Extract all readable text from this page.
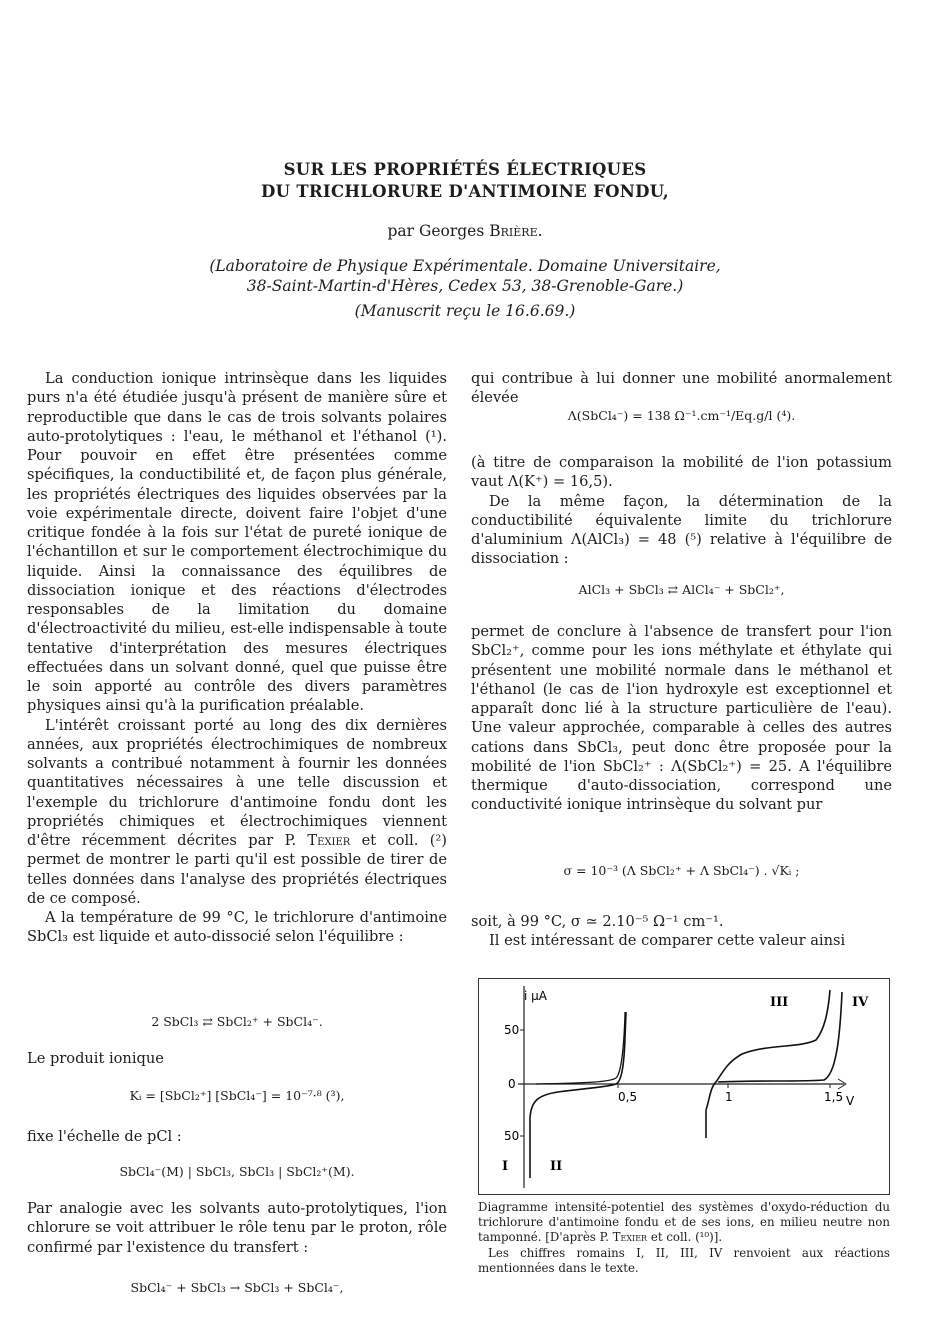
SUR LES PROPRIÉTÉS ÉLECTRIQUES
DU TRICHLORURE D'ANTIMOINE FONDU,
par Georges Brière.
(Laboratoire de Physique Expérimentale. Domaine Universitaire,
38-Saint-Martin-d'Hères, Cedex 53, 38-Grenoble-Gare.)
(Manuscrit reçu le 16.6.69.)

La conduction ionique intrinsèque dans les liquides purs n'a été étudiée jusqu'à présent de manière sûre et reproductible que dans le cas de trois solvants polaires auto-protolytiques : l'eau, le méthanol et l'éthanol (¹). Pour pouvoir en effet être présentées comme spécifiques, la conductibilité et, de façon plus générale, les propriétés électriques des liquides observées par la voie expérimentale directe, doivent faire l'objet d'une critique fondée à la fois sur l'état de pureté ionique de l'échantillon et sur le comportement électrochimique du liquide. Ainsi la connaissance des équilibres de dissociation ionique et des réactions d'électrodes responsables de la limitation du domaine d'électroactivité du milieu, est-elle indispensable à toute tentative d'interprétation des mesures électriques effectuées dans un solvant donné, quel que puisse être le soin apporté au contrôle des divers paramètres physiques ainsi qu'à la purification préalable.

L'intérêt croissant porté au long des dix dernières années, aux propriétés électrochimiques de nombreux solvants a contribué notamment à fournir les données quantitatives nécessaires à une telle discussion et l'exemple du trichlorure d'antimoine fondu dont les propriétés chimiques et électrochimiques viennent d'être récemment décrites par P. Texier et coll. (²) permet de montrer le parti qu'il est possible de tirer de telles données dans l'analyse des propriétés électriques de ce composé.

A la température de 99 °C, le trichlorure d'antimoine SbCl₃ est liquide et auto-dissocié selon l'équilibre :

2 SbCl₃ ⇄ SbCl₂⁺ + SbCl₄⁻.
Le produit ionique
Kᵢ = [SbCl₂⁺] [SbCl₄⁻] = 10⁻⁷·⁸ (³),
fixe l'échelle de pCl :
SbCl₄⁻(M) | SbCl₃, SbCl₃ | SbCl₂⁺(M).
Par analogie avec les solvants auto-protolytiques, l'ion chlorure se voit attribuer le rôle tenu par le proton, rôle confirmé par l'existence du transfert :
SbCl₄⁻ + SbCl₃ → SbCl₃ + SbCl₄⁻,
qui contribue à lui donner une mobilité anormalement élevée
Λ(SbCl₄⁻) = 138 Ω⁻¹.cm⁻¹/Eq.g/l (⁴).

(à titre de comparaison la mobilité de l'ion potassium vaut Λ(K⁺) = 16,5).

De la même façon, la détermination de la conductibilité équivalente limite du trichlorure d'aluminium Λ(AlCl₃) = 48 (⁵) relative à l'équilibre de dissociation :

AlCl₃ + SbCl₃ ⇄ AlCl₄⁻ + SbCl₂⁺,
permet de conclure à l'absence de transfert pour l'ion SbCl₂⁺, comme pour les ions méthylate et éthylate qui présentent une mobilité normale dans le méthanol et l'éthanol (le cas de l'ion hydroxyle est exceptionnel et apparaît donc lié à la structure particulière de l'eau). Une valeur approchée, comparable à celles des autres cations dans SbCl₃, peut donc être proposée pour la mobilité de l'ion SbCl₂⁺ : Λ(SbCl₂⁺) = 25. A l'équilibre thermique d'auto-dissociation, correspond une conductivité ionique intrinsèque du solvant pur
σ = 10⁻³ (Λ SbCl₂⁺ + Λ SbCl₄⁻) . √Kᵢ ;
soit, à 99 °C, σ ≃ 2.10⁻⁵ Ω⁻¹ cm⁻¹.
Il est intéressant de comparer cette valeur ainsi
50
0
50
i μA
0,5	1	1,5 V
I	II
III	IV

Diagramme intensité-potentiel des systèmes d'oxydo-réduction du trichlorure d'antimoine fondu et de ses ions, en milieu neutre non tamponné. [D'après P. Texier et coll. (¹⁰)].

Les chiffres romains I, II, III, IV renvoient aux réactions mentionnées dans le texte.
